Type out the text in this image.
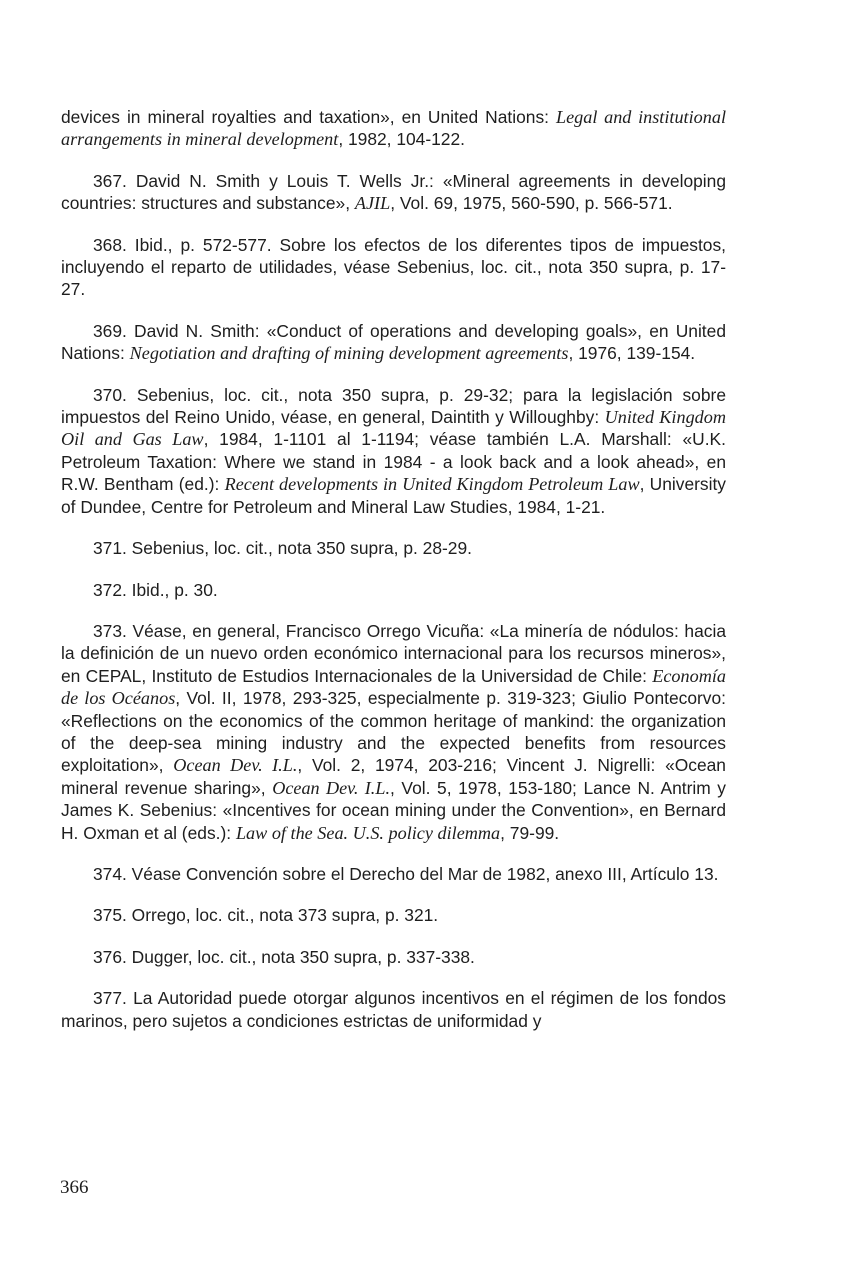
devices in mineral royalties and taxation», en United Nations: Legal and institutional arrangements in mineral development, 1982, 104-122.

367. David N. Smith y Louis T. Wells Jr.: «Mineral agreements in developing countries: structures and substance», AJIL, Vol. 69, 1975, 560-590, p. 566-571.

368. Ibid., p. 572-577. Sobre los efectos de los diferentes tipos de impuestos, incluyendo el reparto de utilidades, véase Sebenius, loc. cit., nota 350 supra, p. 17-27.

369. David N. Smith: «Conduct of operations and developing goals», en United Nations: Negotiation and drafting of mining development agreements, 1976, 139-154.

370. Sebenius, loc. cit., nota 350 supra, p. 29-32; para la legislación sobre impuestos del Reino Unido, véase, en general, Daintith y Willoughby: United Kingdom Oil and Gas Law, 1984, 1-1101 al 1-1194; véase también L.A. Marshall: «U.K. Petroleum Taxation: Where we stand in 1984 - a look back and a look ahead», en R.W. Bentham (ed.): Recent developments in United Kingdom Petroleum Law, University of Dundee, Centre for Petroleum and Mineral Law Studies, 1984, 1-21.

371. Sebenius, loc. cit., nota 350 supra, p. 28-29.

372. Ibid., p. 30.

373. Véase, en general, Francisco Orrego Vicuña: «La minería de nódulos: hacia la definición de un nuevo orden económico internacional para los recursos mineros», en CEPAL, Instituto de Estudios Internacionales de la Universidad de Chile: Economía de los Océanos, Vol. II, 1978, 293-325, especialmente p. 319-323; Giulio Pontecorvo: «Reflections on the economics of the common heritage of mankind: the organization of the deep-sea mining industry and the expected benefits from resources exploitation», Ocean Dev. I.L., Vol. 2, 1974, 203-216; Vincent J. Nigrelli: «Ocean mineral revenue sharing», Ocean Dev. I.L., Vol. 5, 1978, 153-180; Lance N. Antrim y James K. Sebenius: «Incentives for ocean mining under the Convention», en Bernard H. Oxman et al (eds.): Law of the Sea. U.S. policy dilemma, 79-99.

374. Véase Convención sobre el Derecho del Mar de 1982, anexo III, Artículo 13.

375. Orrego, loc. cit., nota 373 supra, p. 321.

376. Dugger, loc. cit., nota 350 supra, p. 337-338.

377. La Autoridad puede otorgar algunos incentivos en el régimen de los fondos marinos, pero sujetos a condiciones estrictas de uniformidad y

366
